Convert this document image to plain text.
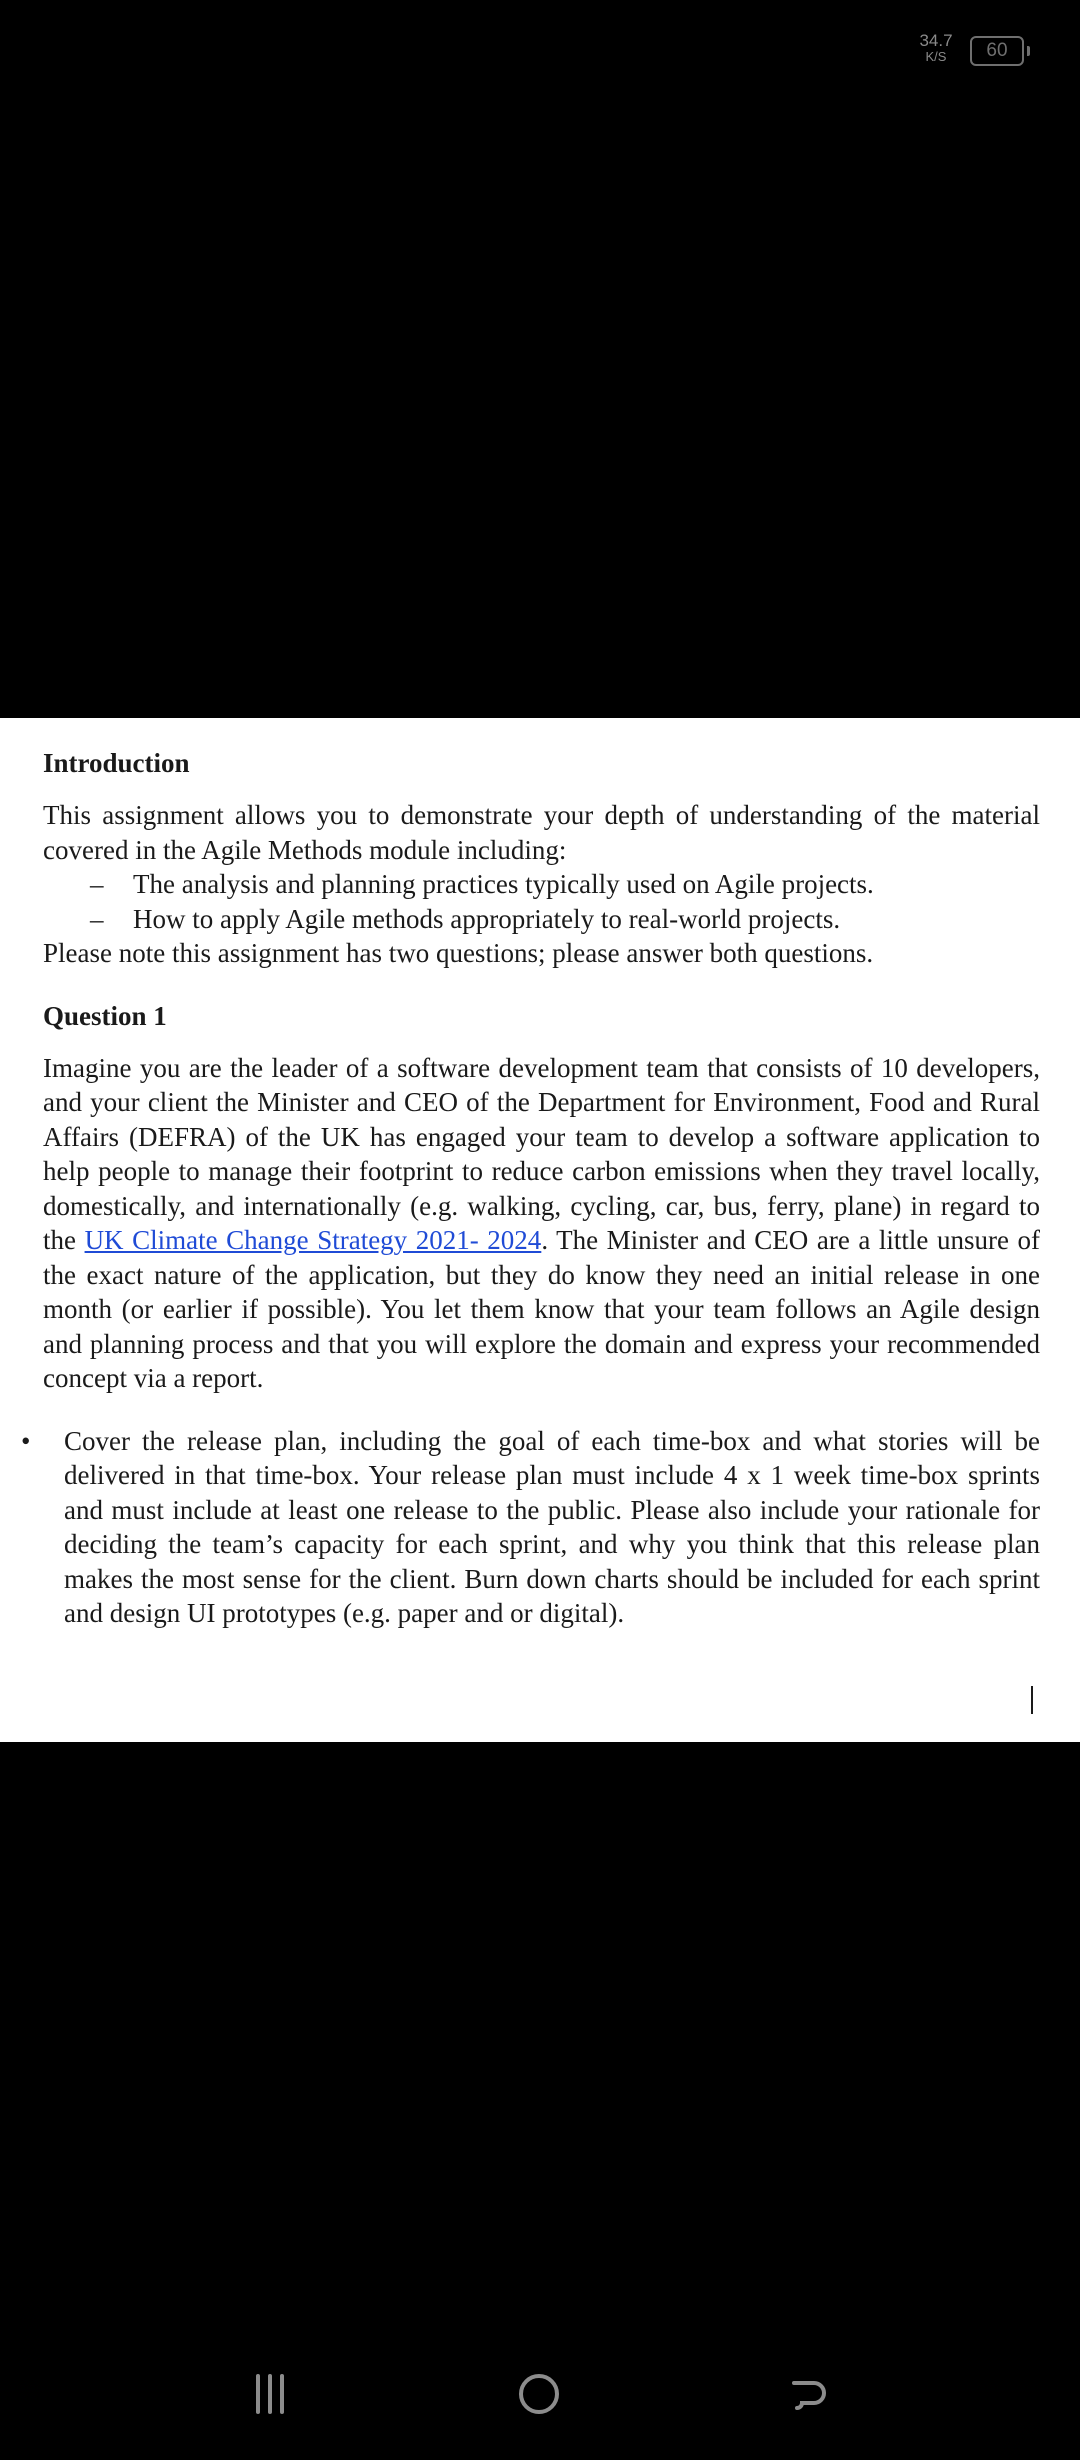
34.7
K/S	60
Introduction

This assignment allows you to demonstrate your depth of understanding of the material covered in the Agile Methods module including:

– The analysis and planning practices typically used on Agile projects.
– How to apply Agile methods appropriately to real-world projects.

Please note this assignment has two questions; please answer both questions.

Question 1

Imagine you are the leader of a software development team that consists of 10 developers, and your client the Minister and CEO of the Department for Environment, Food and Rural Affairs (DEFRA) of the UK has engaged your team to develop a software application to help people to manage their footprint to reduce carbon emissions when they travel locally, domestically, and internationally (e.g. walking, cycling, car, bus, ferry, plane) in regard to the UK Climate Change Strategy 2021- 2024. The Minister and CEO are a little unsure of the exact nature of the application, but they do know they need an initial release in one month (or earlier if possible). You let them know that your team follows an Agile design and planning process and that you will explore the domain and express your recommended concept via a report.

• Cover the release plan, including the goal of each time-box and what stories will be delivered in that time-box. Your release plan must include 4 x 1 week time-box sprints and must include at least one release to the public. Please also include your rationale for deciding the team’s capacity for each sprint, and why you think that this release plan makes the most sense for the client. Burn down charts should be included for each sprint and design UI prototypes (e.g. paper and or digital).
